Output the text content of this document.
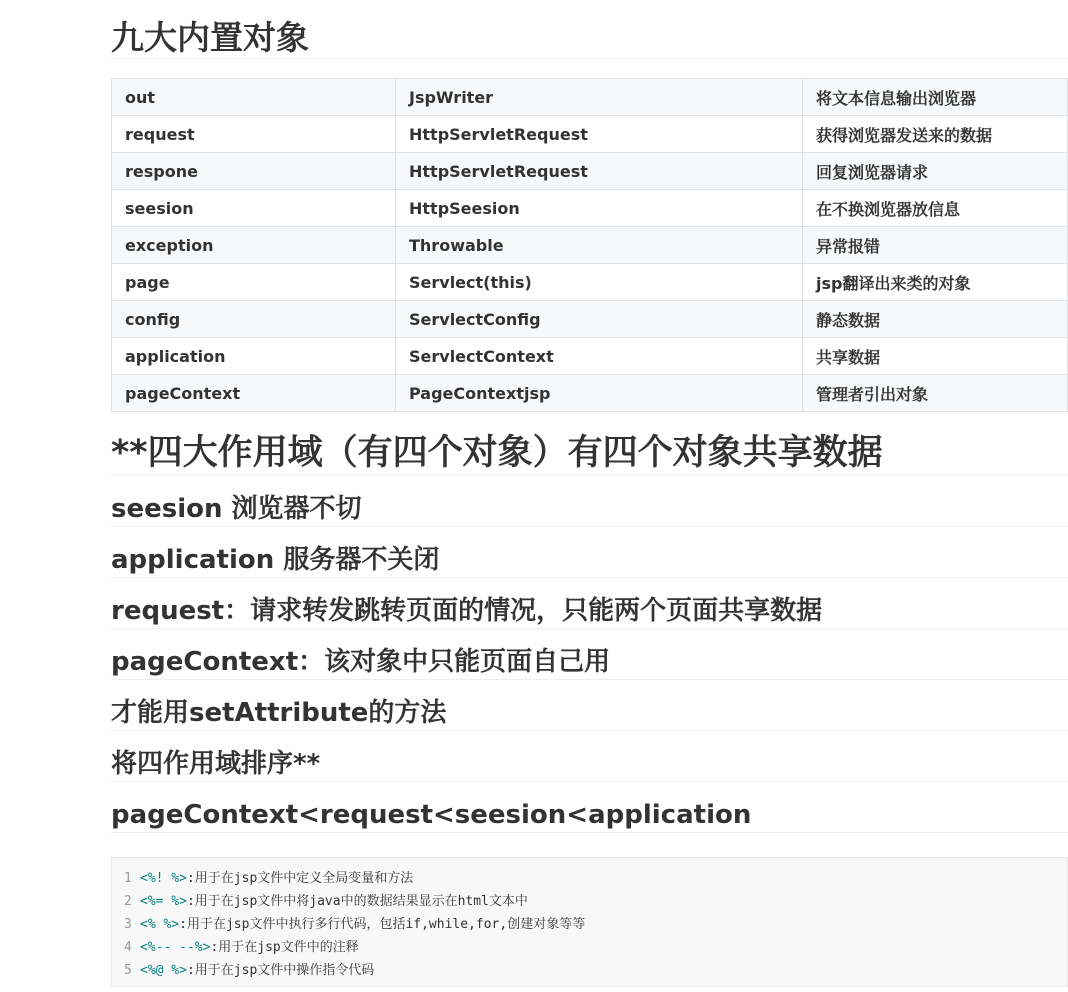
九大内置对象
out	JspWriter	将文本信息输出浏览器
request	HttpServletRequest	获得浏览器发送来的数据
respone	HttpServletRequest	回复浏览器请求
seesion	HttpSeesion	在不换浏览器放信息
exception	Throwable	异常报错
page	Servlect(this)	jsp翻译出来类的对象
config	ServlectConfig	静态数据
application	ServlectContext	共享数据
pageContext	PageContextjsp	管理者引出对象
**四大作用域（有四个对象）有四个对象共享数据
seesion 浏览器不切
application 服务器不关闭
request：请求转发跳转页面的情况，只能两个页面共享数据
pageContext：该对象中只能页面自己用
才能用setAttribute的方法
将四作用域排序**
pageContext<request<seesion<application
1 <%! %>:用于在jsp文件中定义全局变量和方法
2 <%= %>:用于在jsp文件中将java中的数据结果显示在html文本中
3 <% %>:用于在jsp文件中执行多行代码，包括if,while,for,创建对象等等
4 <%-- --%>:用于在jsp文件中的注释
5 <%@ %>:用于在jsp文件中操作指令代码
